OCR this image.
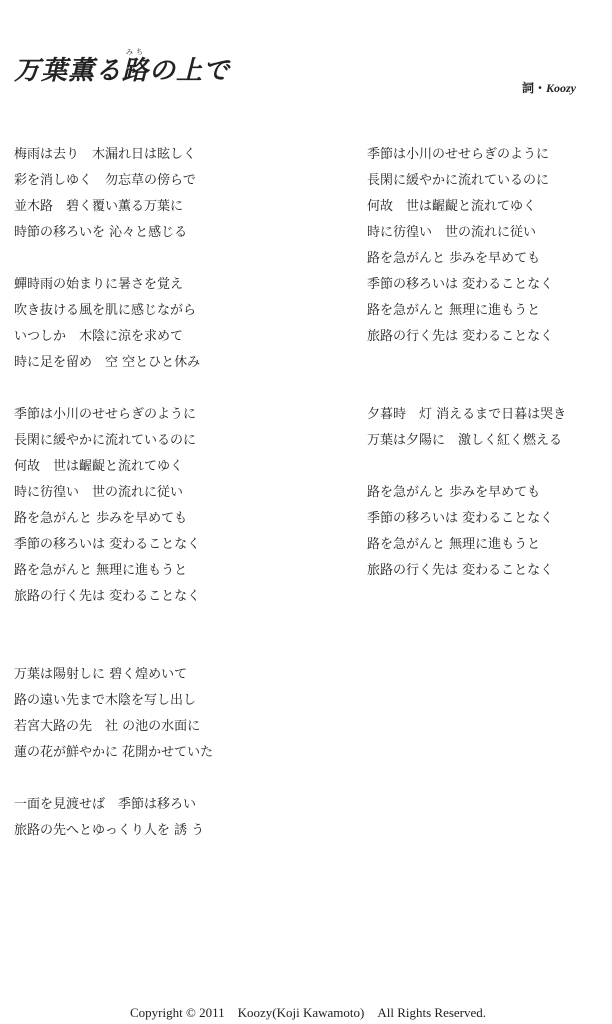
みち
万葉薫る路の上で
詞・Koozy
梅雨は去り　木漏れ日は眩しく
彩を消しゆく　勿忘草の傍らで
並木路　碧く覆い薫る万葉に
時節の移ろいを 沁々と感じる
蟬時雨の始まりに暑さを覚え
吹き抜ける風を肌に感じながら
いつしか　木陰に涼を求めて
時に足を留め　空 空とひと休み
季節は小川のせせらぎのように
長閑に緩やかに流れているのに
何故　世は齷齪と流れてゆく
時に彷徨い　世の流れに従い
路を急がんと 歩みを早めても
季節の移ろいは 変わることなく
路を急がんと 無理に進もうと
旅路の行く先は 変わることなく
万葉は陽射しに 碧く煌めいて
路の遠い先まで木陰を写し出し
若宮大路の先　社 の池の水面に
蓮の花が鮮やかに 花開かせていた
一面を見渡せば　季節は移ろい
旅路の先へとゆっくり人を 誘 う
季節は小川のせせらぎのように
長閑に緩やかに流れているのに
何故　世は齷齪と流れてゆく
時に彷徨い　世の流れに従い
路を急がんと 歩みを早めても
季節の移ろいは 変わることなく
路を急がんと 無理に進もうと
旅路の行く先は 変わることなく
夕暮時　灯 消えるまで日暮は哭き
万葉は夕陽に　激しく紅く燃える
路を急がんと 歩みを早めても
季節の移ろいは 変わることなく
路を急がんと 無理に進もうと
旅路の行く先は 変わることなく
Copyright © 2011　Koozy(Koji Kawamoto)　All Rights Reserved.
